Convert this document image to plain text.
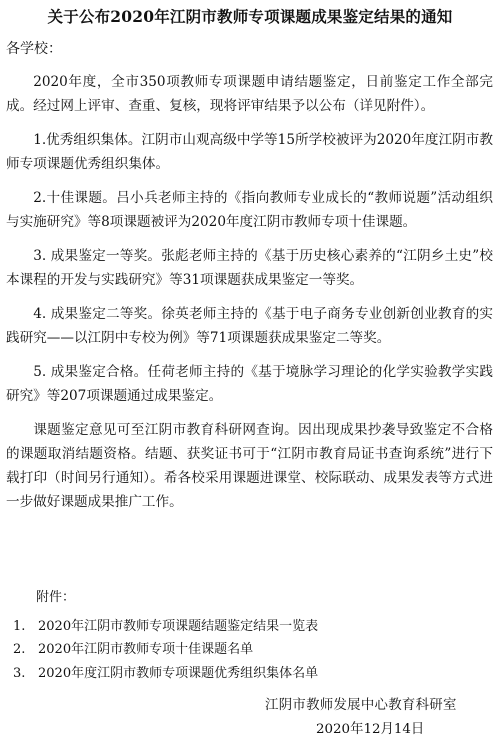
关于公布2020年江阴市教师专项课题成果鉴定结果的通知
各学校：

2020年度，全市350项教师专项课题申请结题鉴定，日前鉴定工作全部完成。经过网上评审、查重、复核，现将评审结果予以公布（详见附件）。

1.优秀组织集体。江阴市山观高级中学等15所学校被评为2020年度江阴市教师专项课题优秀组织集体。

2.十佳课题。吕小兵老师主持的《指向教师专业成长的“教师说题”活动组织与实施研究》等8项课题被评为2020年度江阴市教师专项十佳课题。

3. 成果鉴定一等奖。张彪老师主持的《基于历史核心素养的“江阴乡土史”校本课程的开发与实践研究》等31项课题获成果鉴定一等奖。

4. 成果鉴定二等奖。徐英老师主持的《基于电子商务专业创新创业教育的实践研究——以江阴中专校为例》等71项课题获成果鉴定二等奖。

5. 成果鉴定合格。任荷老师主持的《基于境脉学习理论的化学实验教学实践研究》等207项课题通过成果鉴定。

课题鉴定意见可至江阴市教育科研网查询。因出现成果抄袭导致鉴定不合格的课题取消结题资格。结题、获奖证书可于“江阴市教育局证书查询系统”进行下载打印（时间另行通知）。希各校采用课题进课堂、校际联动、成果发表等方式进一步做好课题成果推广工作。

附件：
1. 2020年江阴市教师专项课题结题鉴定结果一览表
2. 2020年江阴市教师专项十佳课题名单
3. 2020年度江阴市教师专项课题优秀组织集体名单
江阴市教师发展中心教育科研室
2020年12月14日
